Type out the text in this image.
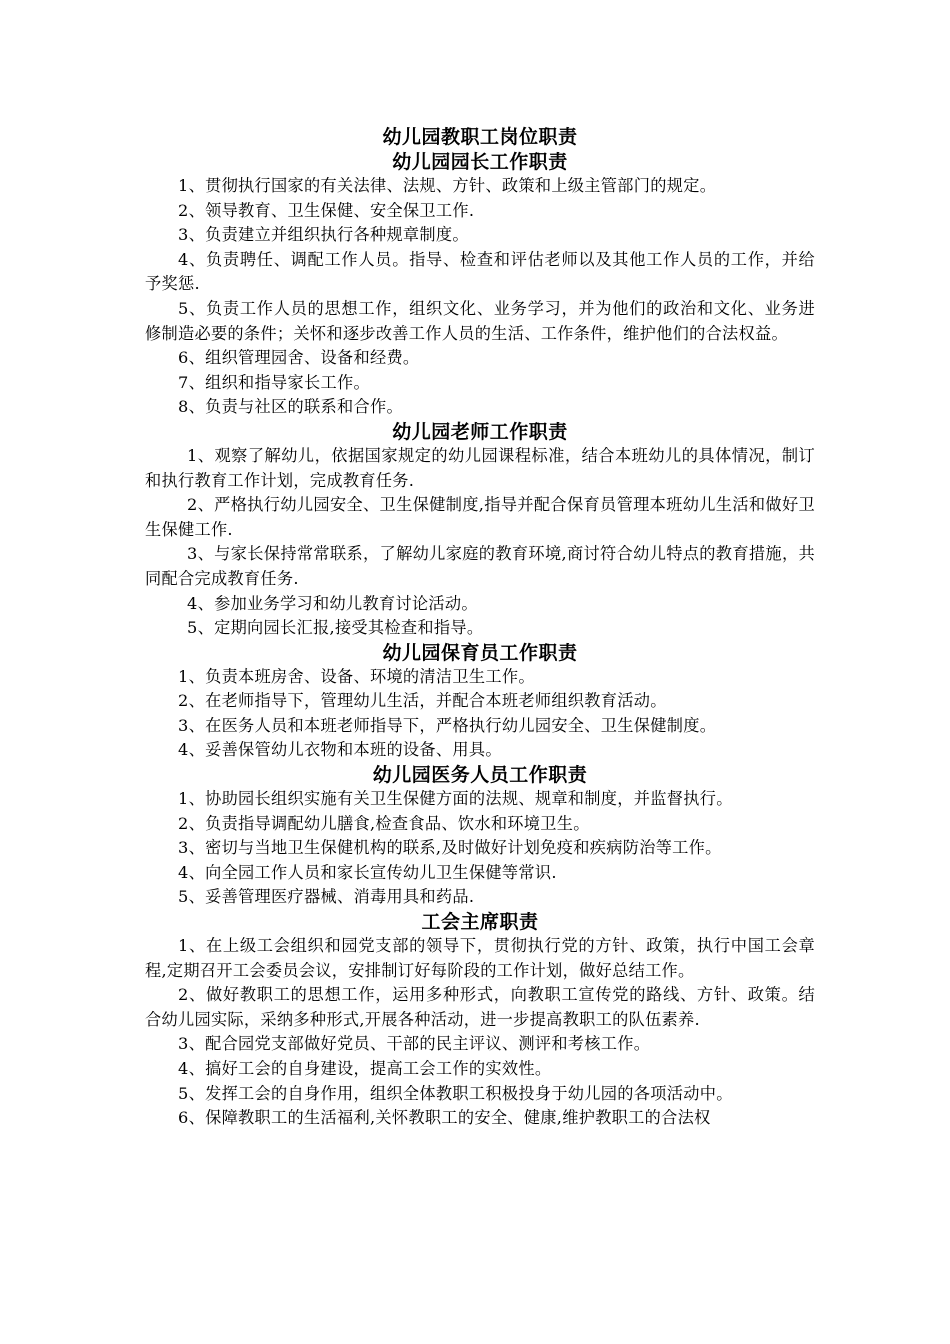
幼儿园教职工岗位职责
幼儿园园长工作职责

1、贯彻执行国家的有关法律、法规、方针、政策和上级主管部门的规定。

2、领导教育、卫生保健、安全保卫工作.

3、负责建立并组织执行各种规章制度。

4、负责聘任、调配工作人员。指导、检查和评估老师以及其他工作人员的工作，并给予奖惩.

5、负责工作人员的思想工作，组织文化、业务学习，并为他们的政治和文化、业务进修制造必要的条件；关怀和逐步改善工作人员的生活、工作条件，维护他们的合法权益。

6、组织管理园舍、设备和经费。

7、组织和指导家长工作。

8、负责与社区的联系和合作。

幼儿园老师工作职责

1、观察了解幼儿，依据国家规定的幼儿园课程标准，结合本班幼儿的具体情况，制订和执行教育工作计划，完成教育任务.

2、严格执行幼儿园安全、卫生保健制度,指导并配合保育员管理本班幼儿生活和做好卫生保健工作.

3、与家长保持常常联系，了解幼儿家庭的教育环境,商讨符合幼儿特点的教育措施，共同配合完成教育任务.

4、参加业务学习和幼儿教育讨论活动。

5、定期向园长汇报,接受其检查和指导。

幼儿园保育员工作职责

1、负责本班房舍、设备、环境的清洁卫生工作。

2、在老师指导下，管理幼儿生活，并配合本班老师组织教育活动。

3、在医务人员和本班老师指导下，严格执行幼儿园安全、卫生保健制度。

4、妥善保管幼儿衣物和本班的设备、用具。

幼儿园医务人员工作职责

1、协助园长组织实施有关卫生保健方面的法规、规章和制度，并监督执行。

2、负责指导调配幼儿膳食,检查食品、饮水和环境卫生。

3、密切与当地卫生保健机构的联系,及时做好计划免疫和疾病防治等工作。

4、向全园工作人员和家长宣传幼儿卫生保健等常识.

5、妥善管理医疗器械、消毒用具和药品.

工会主席职责

1、在上级工会组织和园党支部的领导下，贯彻执行党的方针、政策，执行中国工会章程,定期召开工会委员会议，安排制订好每阶段的工作计划，做好总结工作。

2、做好教职工的思想工作，运用多种形式，向教职工宣传党的路线、方针、政策。结合幼儿园实际，采纳多种形式,开展各种活动，进一步提高教职工的队伍素养.

3、配合园党支部做好党员、干部的民主评议、测评和考核工作。

4、搞好工会的自身建设，提高工会工作的实效性。

5、发挥工会的自身作用，组织全体教职工积极投身于幼儿园的各项活动中。

6、保障教职工的生活福利,关怀教职工的安全、健康,维护教职工的合法权
